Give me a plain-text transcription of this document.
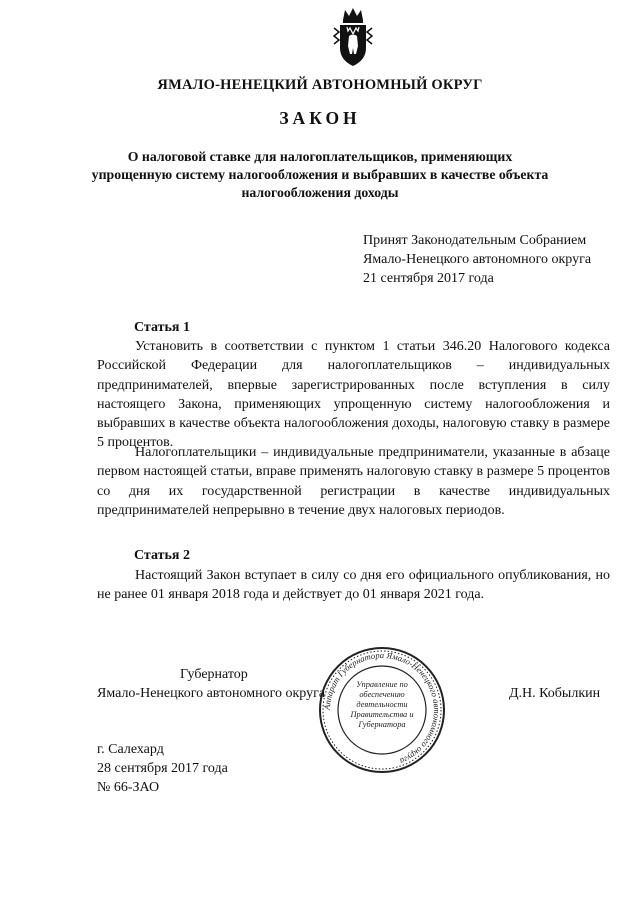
ЯМАЛО-НЕНЕЦКИЙ АВТОНОМНЫЙ ОКРУГ
ЗАКОН
О налоговой ставке для налогоплательщиков, применяющих упрощенную систему налогообложения и выбравших в качестве объекта налогообложения доходы
Принят Законодательным Собранием
Ямало-Ненецкого автономного округа
21 сентября 2017 года
Статья 1

Установить в соответствии с пунктом 1 статьи 346.20 Налогового кодекса Российской Федерации для налогоплательщиков – индивидуальных предпринимателей, впервые зарегистрированных после вступления в силу настоящего Закона, применяющих упрощенную систему налогообложения и выбравших в качестве объекта налогообложения доходы, налоговую ставку в размере 5 процентов.

Налогоплательщики – индивидуальные предприниматели, указанные в абзаце первом настоящей статьи, вправе применять налоговую ставку в размере 5 процентов со дня их государственной регистрации в качестве индивидуальных предпринимателей непрерывно в течение двух налоговых периодов.

Статья 2

Настоящий Закон вступает в силу со дня его официального опубликования, но не ранее 01 января 2018 года и действует до 01 января 2021 года.

Губернатор
Ямало-Ненецкого автономного округа	Д.Н. Кобылкин
г. Салехард
28 сентября 2017 года
№ 66-ЗАО
Аппарат Губернатора Ямало-Ненецкого автономного округа
Управление по обеспечению деятельности Правительства и Губернатора
